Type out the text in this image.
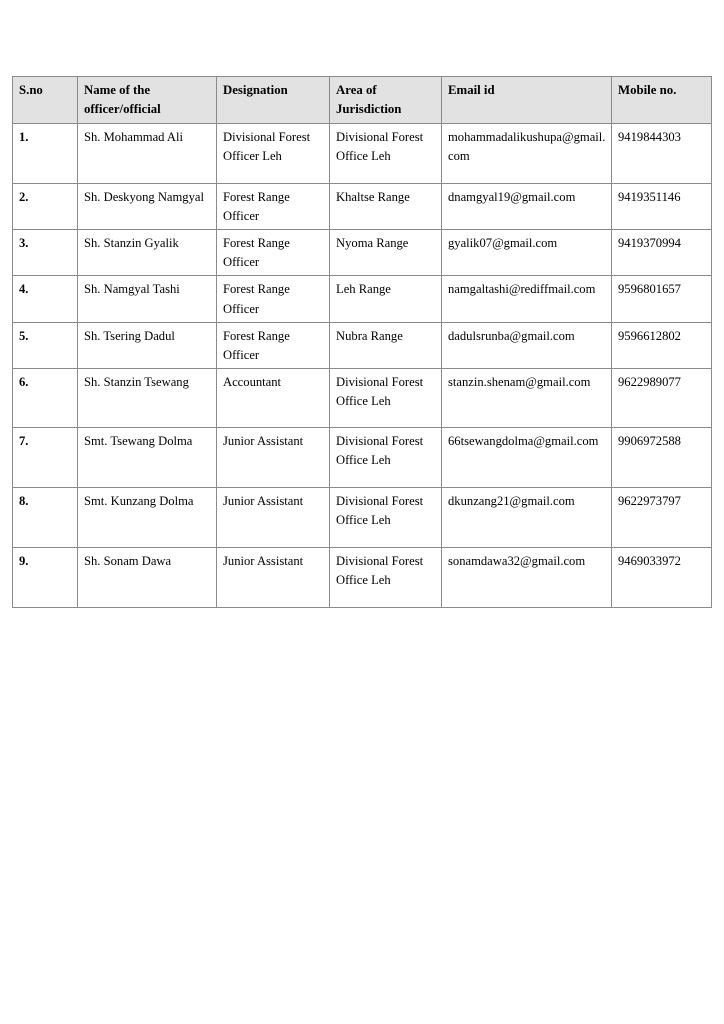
S.no	Name of the officer/official	Designation	Area of Jurisdiction	Email id	Mobile no.
1.	Sh. Mohammad Ali	Divisional Forest Officer Leh	Divisional Forest Office Leh	mohammadalikushupa@gmail.com	9419844303
2.	Sh. Deskyong Namgyal	Forest Range Officer	Khaltse Range	dnamgyal19@gmail.com	9419351146
3.	Sh. Stanzin Gyalik	Forest Range Officer	Nyoma Range	gyalik07@gmail.com	9419370994
4.	Sh. Namgyal Tashi	Forest Range Officer	Leh Range	namgaltashi@rediffmail.com	9596801657
5.	Sh. Tsering Dadul	Forest Range Officer	Nubra Range	dadulsrunba@gmail.com	9596612802
6.	Sh. Stanzin Tsewang	Accountant	Divisional Forest Office Leh	stanzin.shenam@gmail.com	9622989077
7.	Smt. Tsewang Dolma	Junior Assistant	Divisional Forest Office Leh	66tsewangdolma@gmail.com	9906972588
8.	Smt. Kunzang Dolma	Junior Assistant	Divisional Forest Office Leh	dkunzang21@gmail.com	9622973797
9.	Sh. Sonam Dawa	Junior Assistant	Divisional Forest Office Leh	sonamdawa32@gmail.com	9469033972
